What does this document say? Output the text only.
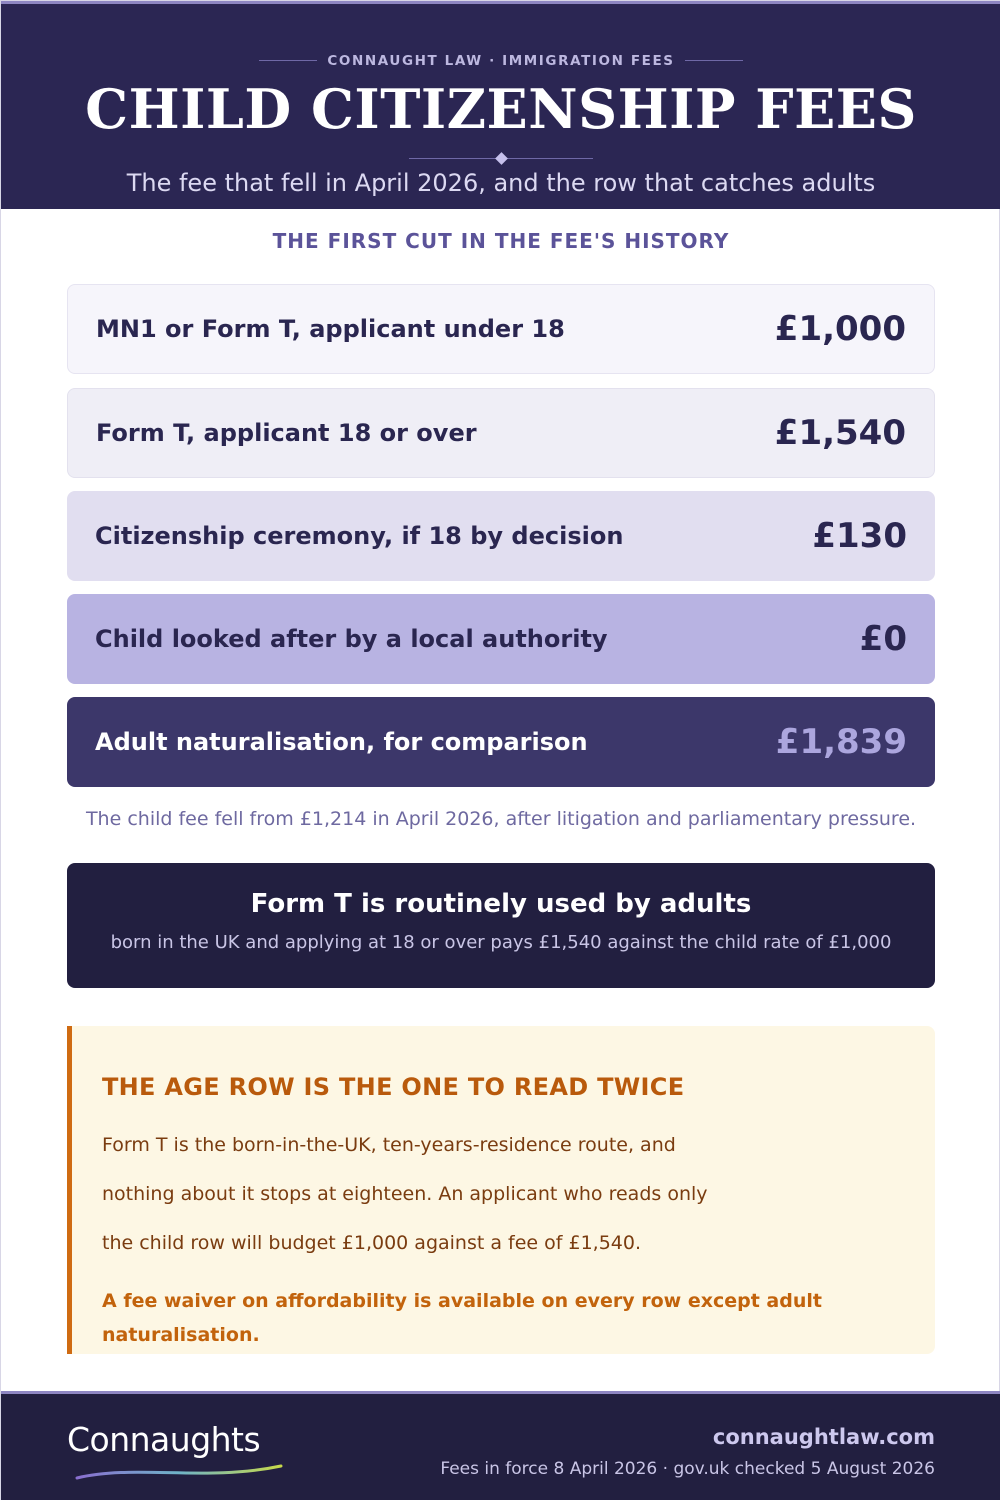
CONNAUGHT LAW · IMMIGRATION FEES
CHILD CITIZENSHIP FEES
The fee that fell in April 2026, and the row that catches adults
THE FIRST CUT IN THE FEE'S HISTORY
MN1 or Form T, applicant under 18	£1,000
Form T, applicant 18 or over	£1,540
Citizenship ceremony, if 18 by decision	£130
Child looked after by a local authority	£0
Adult naturalisation, for comparison	£1,839
The child fee fell from £1,214 in April 2026, after litigation and parliamentary pressure.
Form T is routinely used by adults
born in the UK and applying at 18 or over pays £1,540 against the child rate of £1,000
THE AGE ROW IS THE ONE TO READ TWICE
Form T is the born-in-the-UK, ten-years-residence route, and
nothing about it stops at eighteen. An applicant who reads only
the child row will budget £1,000 against a fee of £1,540.
A fee waiver on affordability is available on every row except adult naturalisation.
Connaughts	connaughtlaw.com
Fees in force 8 April 2026 · gov.uk checked 5 August 2026
